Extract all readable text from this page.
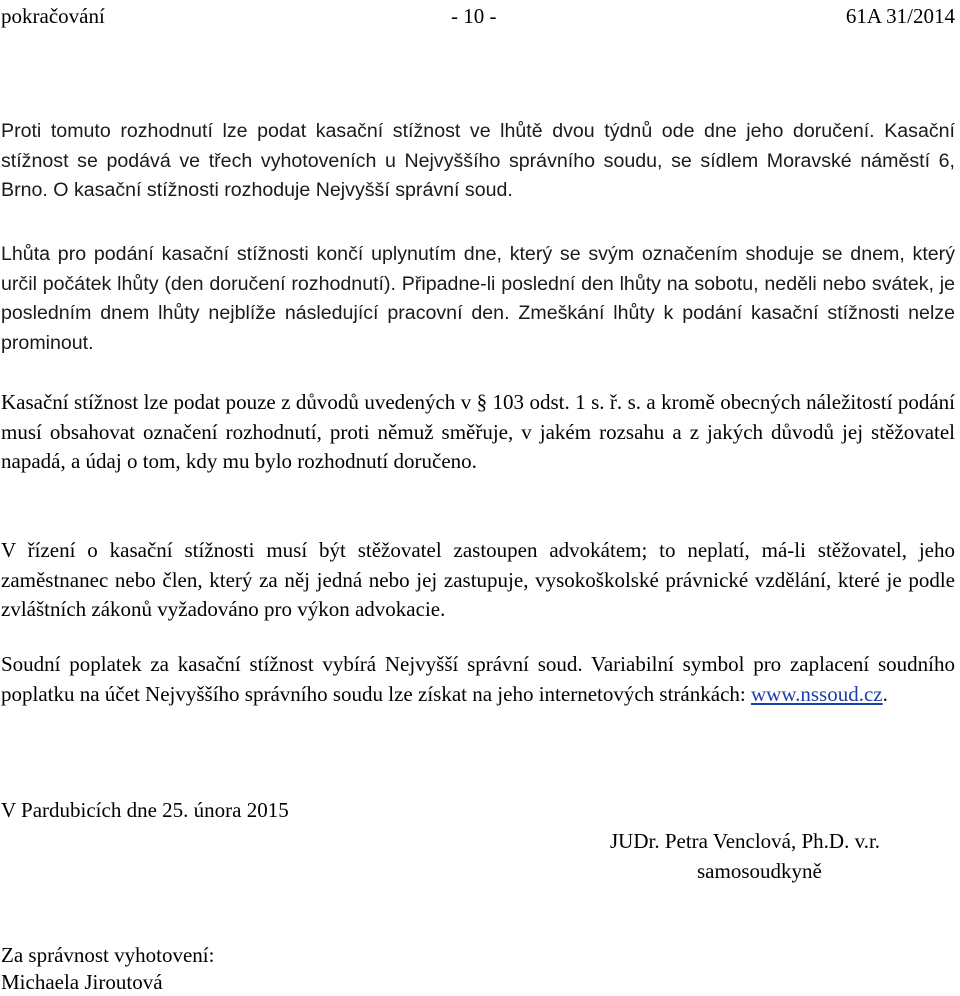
pokračování	- 10 -	61A 31/2014

Proti tomuto rozhodnutí lze podat kasační stížnost ve lhůtě dvou týdnů ode dne jeho doručení. Kasační stížnost se podává ve třech vyhotoveních u Nejvyššího správního soudu, se sídlem Moravské náměstí 6, Brno. O kasační stížnosti rozhoduje Nejvyšší správní soud.

Lhůta pro podání kasační stížnosti končí uplynutím dne, který se svým označením shoduje se dnem, který určil počátek lhůty (den doručení rozhodnutí). Připadne-li poslední den lhůty na sobotu, neděli nebo svátek, je posledním dnem lhůty nejblíže následující pracovní den. Zmeškání lhůty k podání kasační stížnosti nelze prominout.

Kasační stížnost lze podat pouze z důvodů uvedených v § 103 odst. 1 s. ř. s. a kromě obecných náležitostí podání musí obsahovat označení rozhodnutí, proti němuž směřuje, v jakém rozsahu a z jakých důvodů jej stěžovatel napadá, a údaj o tom, kdy mu bylo rozhodnutí doručeno.

V řízení o kasační stížnosti musí být stěžovatel zastoupen advokátem; to neplatí, má-li stěžovatel, jeho zaměstnanec nebo člen, který za něj jedná nebo jej zastupuje, vysokoškolské právnické vzdělání, které je podle zvláštních zákonů vyžadováno pro výkon advokacie.

Soudní poplatek za kasační stížnost vybírá Nejvyšší správní soud. Variabilní symbol pro zaplacení soudního poplatku na účet Nejvyššího správního soudu lze získat na jeho internetových stránkách: www.nssoud.cz.

V Pardubicích dne 25. února 2015
JUDr. Petra Venclová, Ph.D. v.r.
samosoudkyně
Za správnost vyhotovení:
Michaela Jiroutová
